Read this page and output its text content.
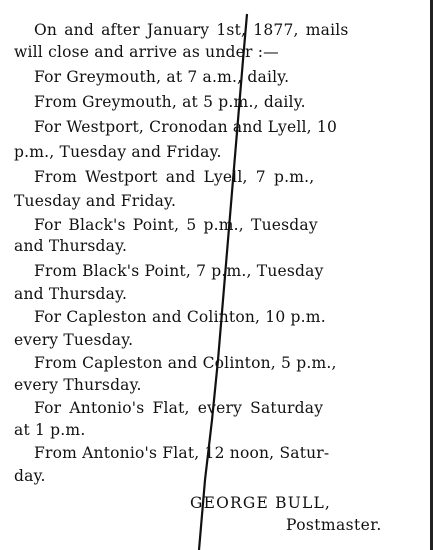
On and after January 1st, 1877, mails
will close and arrive as under :—
For Greymouth, at 7 a.m., daily.
From Greymouth, at 5 p.m., daily.
For Westport, Cronodan and Lyell, 10
p.m., Tuesday and Friday.
From Westport and Lyell, 7 p.m.,
Tuesday and Friday.
For Black's Point, 5 p.m., Tuesday
and Thursday.
From Black's Point, 7 p.m., Tuesday
and Thursday.
For Capleston and Colinton, 10 p.m.
every Tuesday.
From Capleston and Colinton, 5 p.m.,
every Thursday.
For Antonio's Flat, every Saturday
at 1 p.m.
From Antonio's Flat, 12 noon, Satur-
day.
GEORGE BULL,
Postmaster.
